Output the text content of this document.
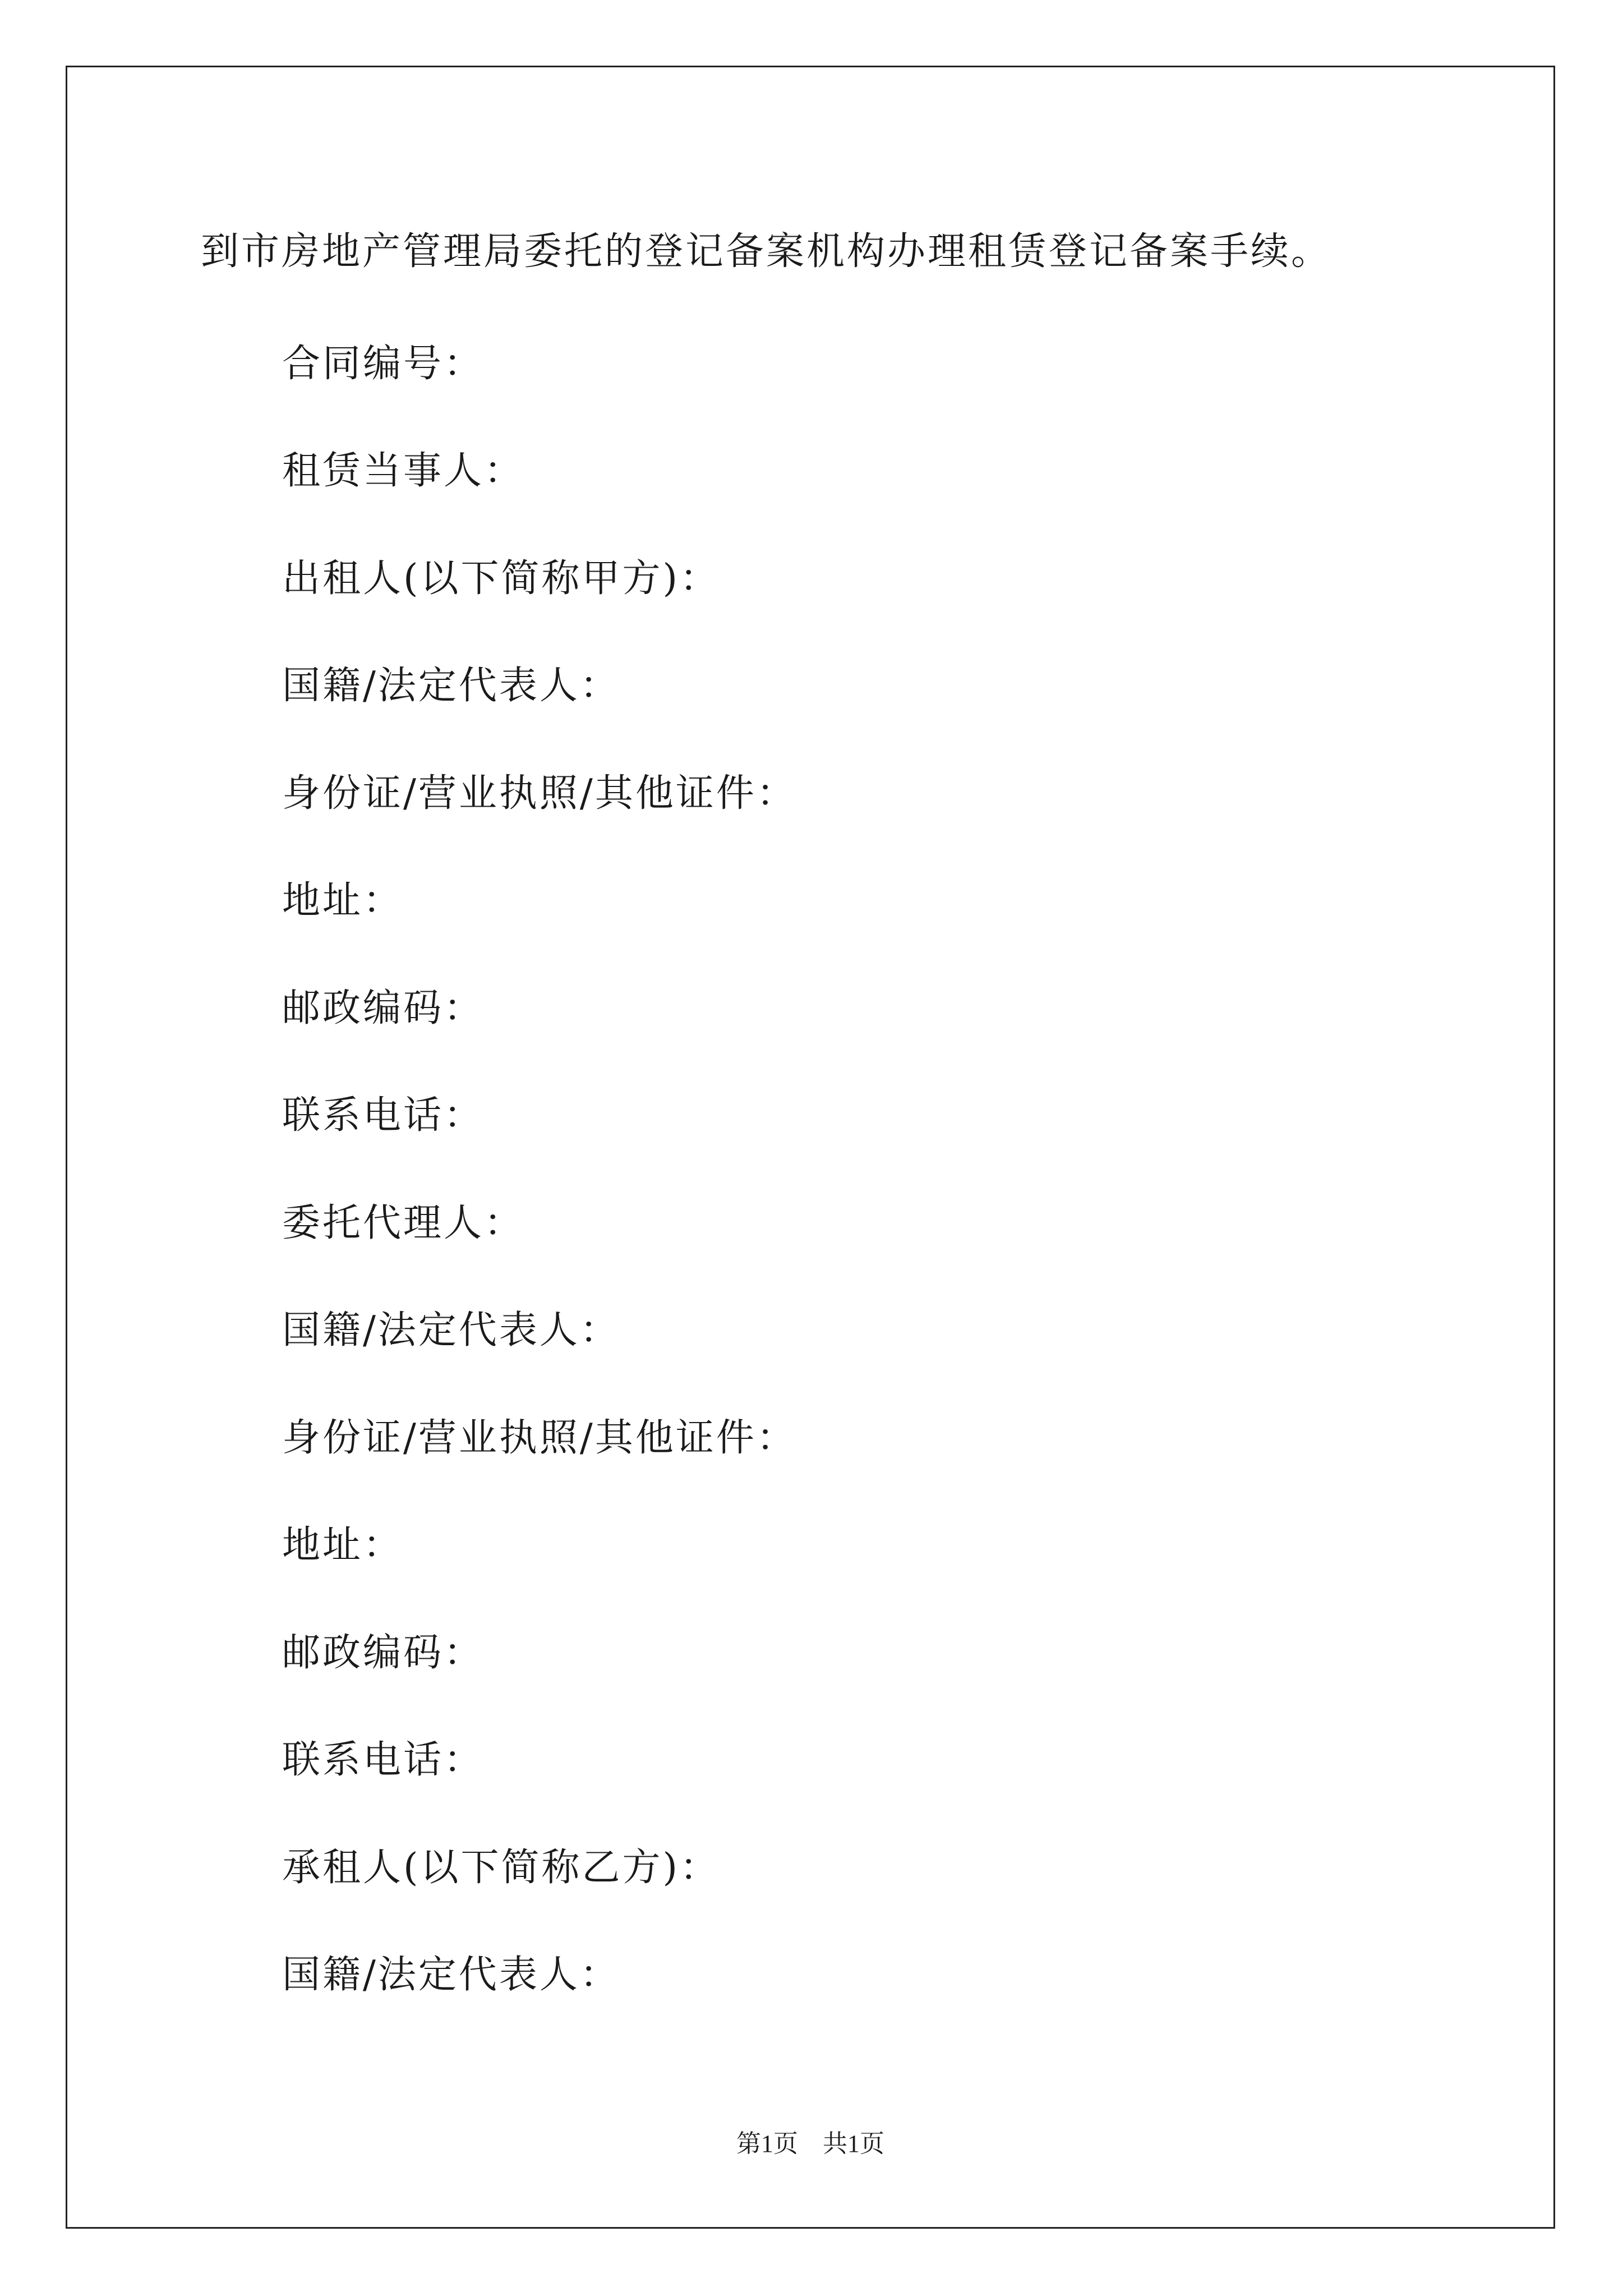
到市房地产管理局委托的登记备案机构办理租赁登记备案手续。
合同编号：
租赁当事人：
出租人(以下简称甲方)：
国籍/法定代表人：
身份证/营业执照/其他证件：
地址：
邮政编码：
联系电话：
委托代理人：
国籍/法定代表人：
身份证/营业执照/其他证件：
地址：
邮政编码：
联系电话：
承租人(以下简称乙方)：
国籍/法定代表人：
第1页 共1页
